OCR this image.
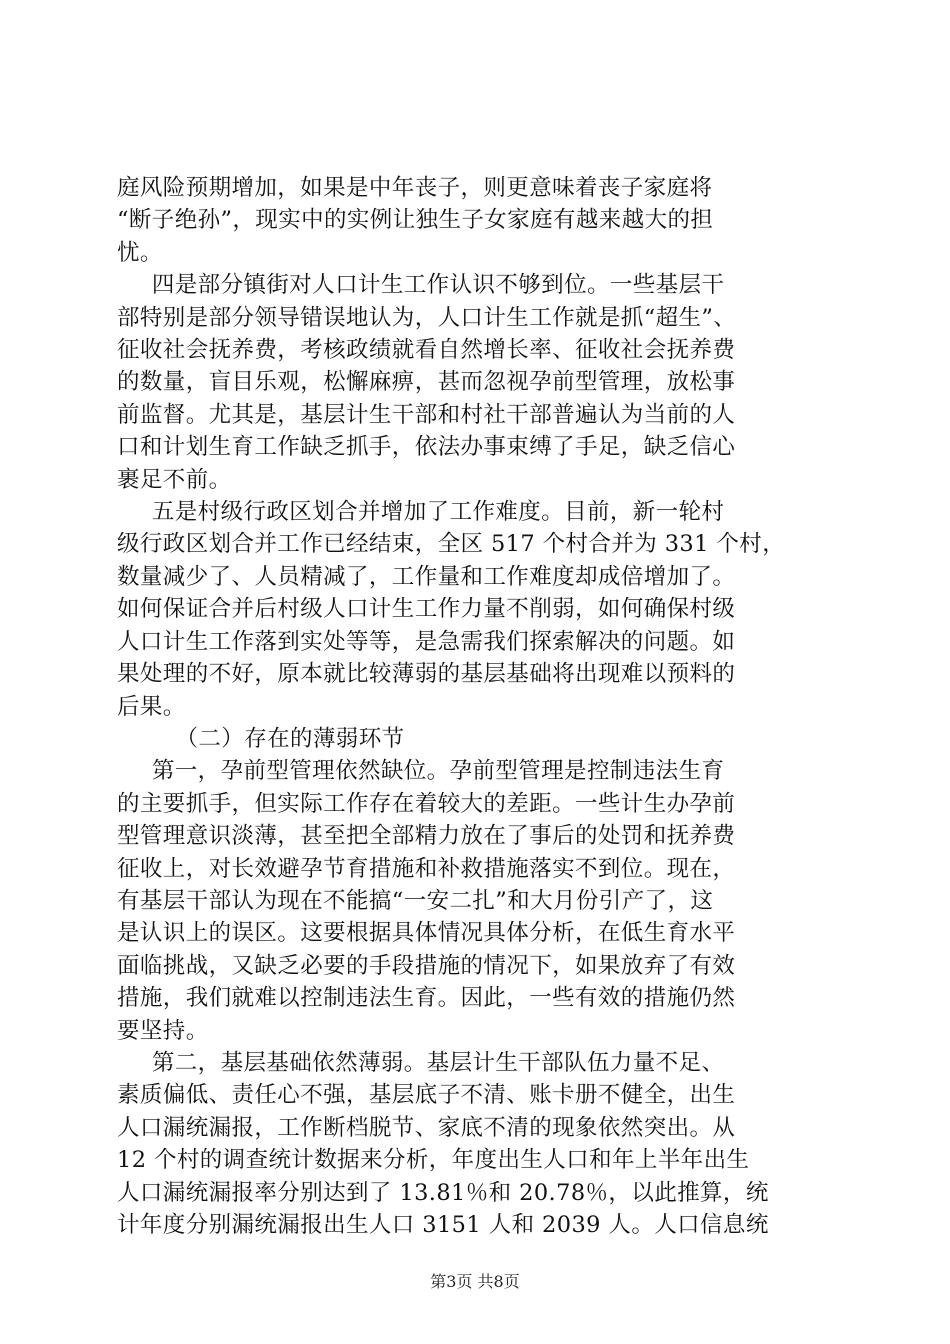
庭风险预期增加，如果是中年丧子，则更意味着丧子家庭将
“断子绝孙”，现实中的实例让独生子女家庭有越来越大的担
忧。
四是部分镇街对人口计生工作认识不够到位。一些基层干
部特别是部分领导错误地认为，人口计生工作就是抓“超生”、
征收社会抚养费，考核政绩就看自然增长率、征收社会抚养费
的数量，盲目乐观，松懈麻痹，甚而忽视孕前型管理，放松事
前监督。尤其是，基层计生干部和村社干部普遍认为当前的人
口和计划生育工作缺乏抓手，依法办事束缚了手足，缺乏信心
裹足不前。
五是村级行政区划合并增加了工作难度。目前，新一轮村
级行政区划合并工作已经结束，全区 517 个村合并为 331 个村，
数量减少了、人员精减了，工作量和工作难度却成倍增加了。
如何保证合并后村级人口计生工作力量不削弱，如何确保村级
人口计生工作落到实处等等，是急需我们探索解决的问题。如
果处理的不好，原本就比较薄弱的基层基础将出现难以预料的
后果。
（二）存在的薄弱环节
第一，孕前型管理依然缺位。孕前型管理是控制违法生育
的主要抓手，但实际工作存在着较大的差距。一些计生办孕前
型管理意识淡薄，甚至把全部精力放在了事后的处罚和抚养费
征收上，对长效避孕节育措施和补救措施落实不到位。现在，
有基层干部认为现在不能搞“一安二扎”和大月份引产了，这
是认识上的误区。这要根据具体情况具体分析，在低生育水平
面临挑战，又缺乏必要的手段措施的情况下，如果放弃了有效
措施，我们就难以控制违法生育。因此，一些有效的措施仍然
要坚持。
第二，基层基础依然薄弱。基层计生干部队伍力量不足、
素质偏低、责任心不强，基层底子不清、账卡册不健全，出生
人口漏统漏报，工作断档脱节、家底不清的现象依然突出。从
12 个村的调查统计数据来分析，年度出生人口和年上半年出生
人口漏统漏报率分别达到了 13.81％和 20.78％，以此推算，统
计年度分别漏统漏报出生人口 3151 人和 2039 人。人口信息统
第3页 共8页
